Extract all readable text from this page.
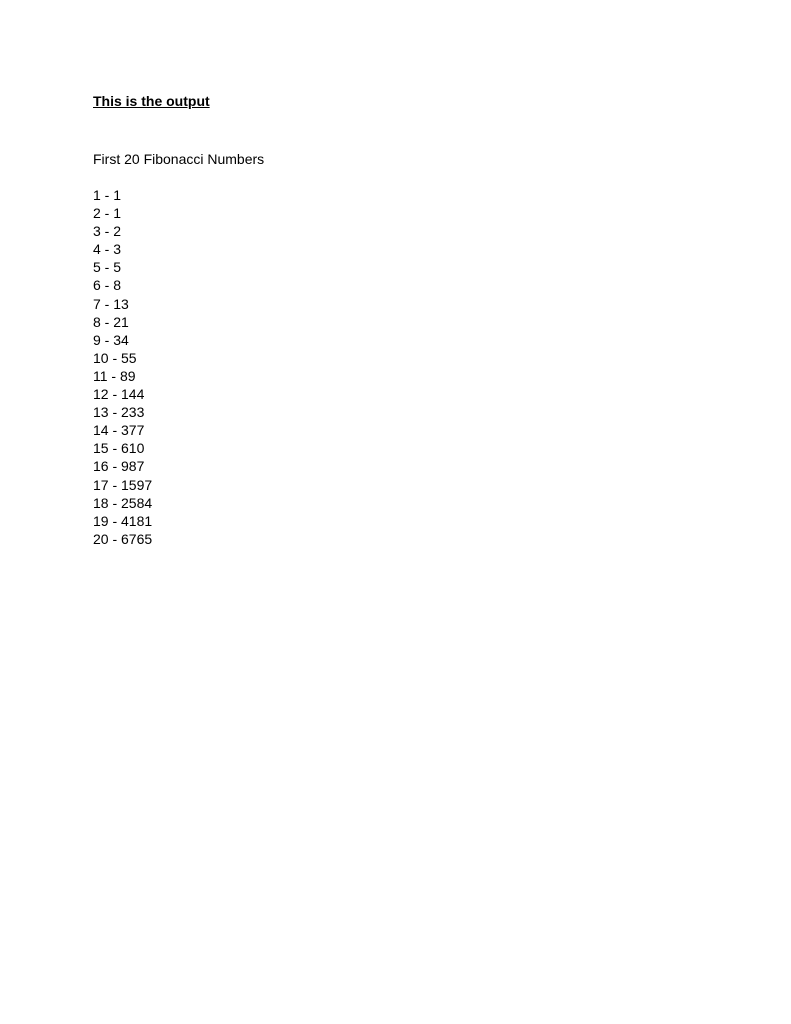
This is the output

First 20 Fibonacci Numbers

1 - 1
2 - 1
3 - 2
4 - 3
5 - 5
6 - 8
7 - 13
8 - 21
9 - 34
10 - 55
11 - 89
12 - 144
13 - 233
14 - 377
15 - 610
16 - 987
17 - 1597
18 - 2584
19 - 4181
20 - 6765
